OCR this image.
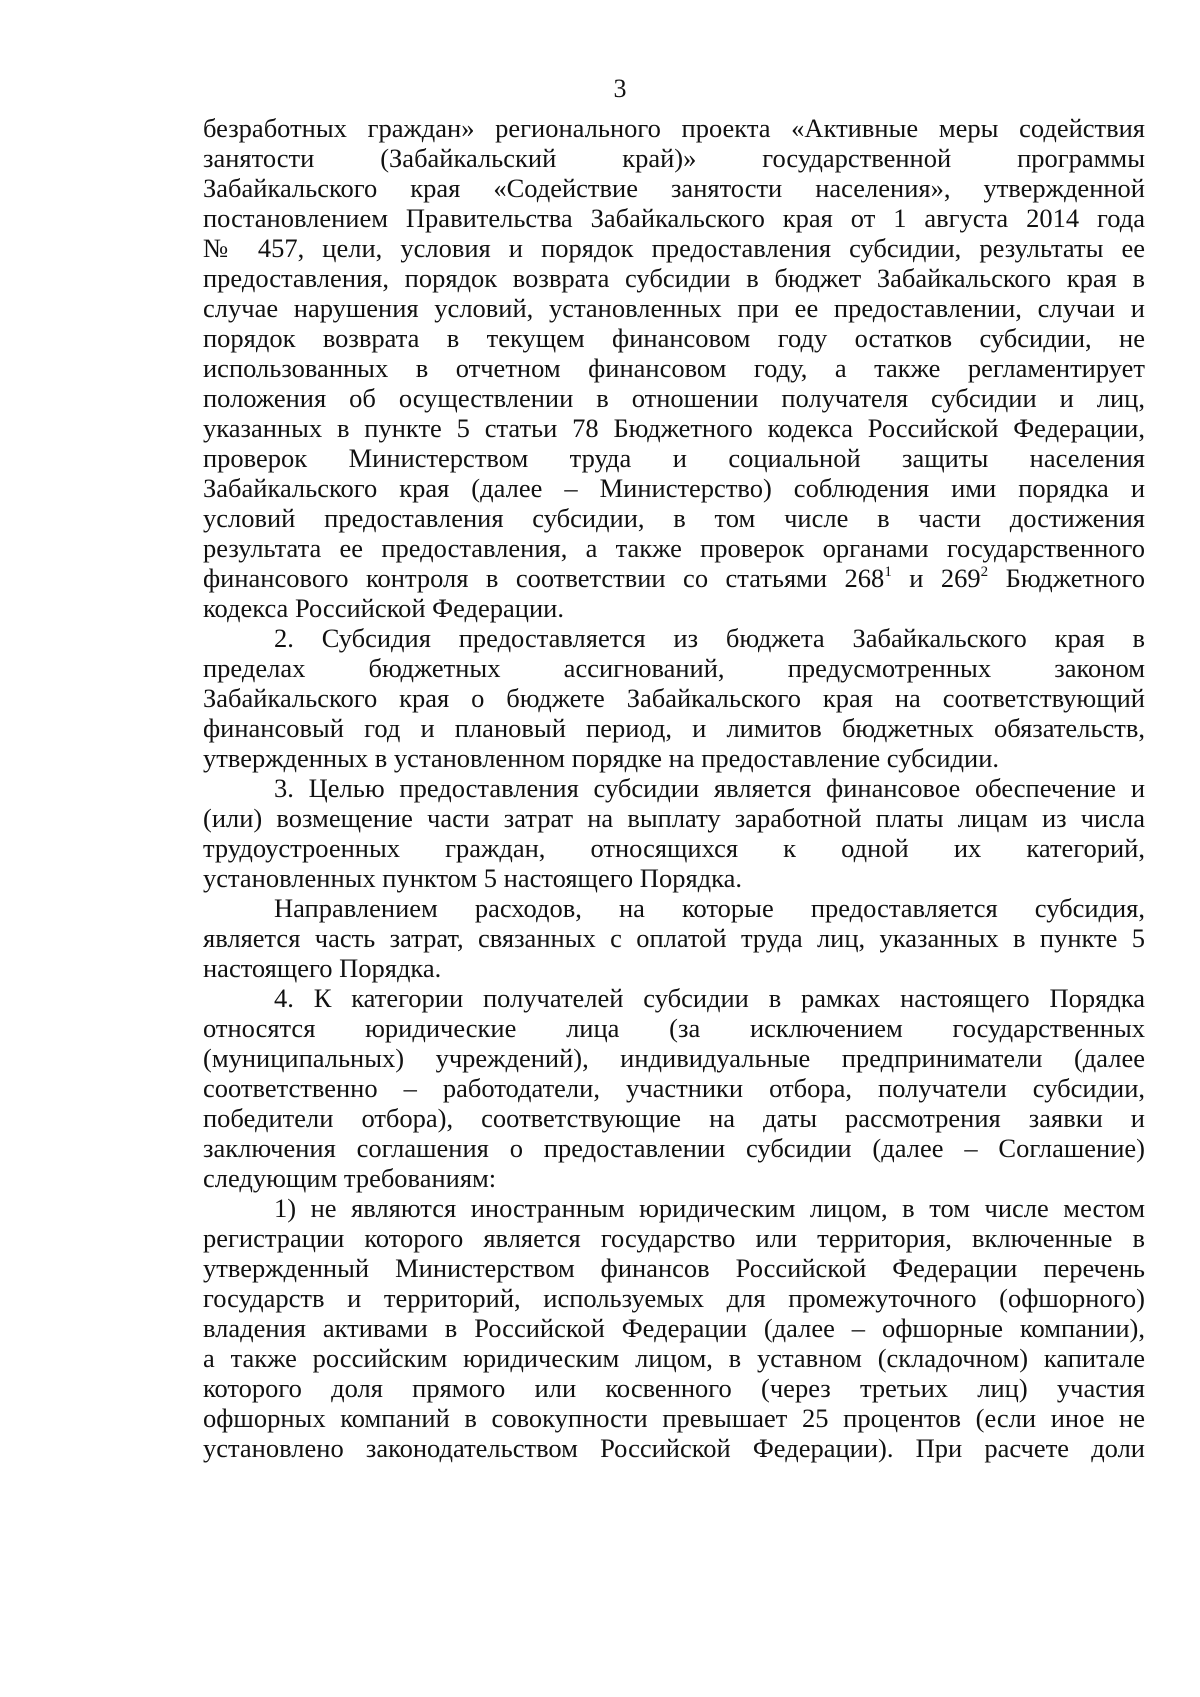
3
безработных граждан» регионального проекта «Активные меры содействия
занятости (Забайкальский край)» государственной программы
Забайкальского края «Содействие занятости населения», утвержденной
постановлением Правительства Забайкальского края от 1 августа 2014 года
№ 457, цели, условия и порядок предоставления субсидии, результаты ее
предоставления, порядок возврата субсидии в бюджет Забайкальского края в
случае нарушения условий, установленных при ее предоставлении, случаи и
порядок возврата в текущем финансовом году остатков субсидии, не
использованных в отчетном финансовом году, а также регламентирует
положения об осуществлении в отношении получателя субсидии и лиц,
указанных в пункте 5 статьи 78 Бюджетного кодекса Российской Федерации,
проверок Министерством труда и социальной защиты населения
Забайкальского края (далее – Министерство) соблюдения ими порядка и
условий предоставления субсидии, в том числе в части достижения
результата ее предоставления, а также проверок органами государственного
финансового контроля в соответствии со статьями $268^1$ и $269^2$ Бюджетного
кодекса Российской Федерации.
2. Субсидия предоставляется из бюджета Забайкальского края в
пределах бюджетных ассигнований, предусмотренных законом
Забайкальского края о бюджете Забайкальского края на соответствующий
финансовый год и плановый период, и лимитов бюджетных обязательств,
утвержденных в установленном порядке на предоставление субсидии.
3. Целью предоставления субсидии является финансовое обеспечение и
(или) возмещение части затрат на выплату заработной платы лицам из числа
трудоустроенных граждан, относящихся к одной их категорий,
установленных пунктом 5 настоящего Порядка.
Направлением расходов, на которые предоставляется субсидия,
является часть затрат, связанных с оплатой труда лиц, указанных в пункте 5
настоящего Порядка.
4. К категории получателей субсидии в рамках настоящего Порядка
относятся юридические лица (за исключением государственных
(муниципальных) учреждений), индивидуальные предприниматели (далее
соответственно – работодатели, участники отбора, получатели субсидии,
победители отбора), соответствующие на даты рассмотрения заявки и
заключения соглашения о предоставлении субсидии (далее – Соглашение)
следующим требованиям:
1) не являются иностранным юридическим лицом, в том числе местом
регистрации которого является государство или территория, включенные в
утвержденный Министерством финансов Российской Федерации перечень
государств и территорий, используемых для промежуточного (офшорного)
владения активами в Российской Федерации (далее – офшорные компании),
а также российским юридическим лицом, в уставном (складочном) капитале
которого доля прямого или косвенного (через третьих лиц) участия
офшорных компаний в совокупности превышает 25 процентов (если иное не
установлено законодательством Российской Федерации). При расчете доли
